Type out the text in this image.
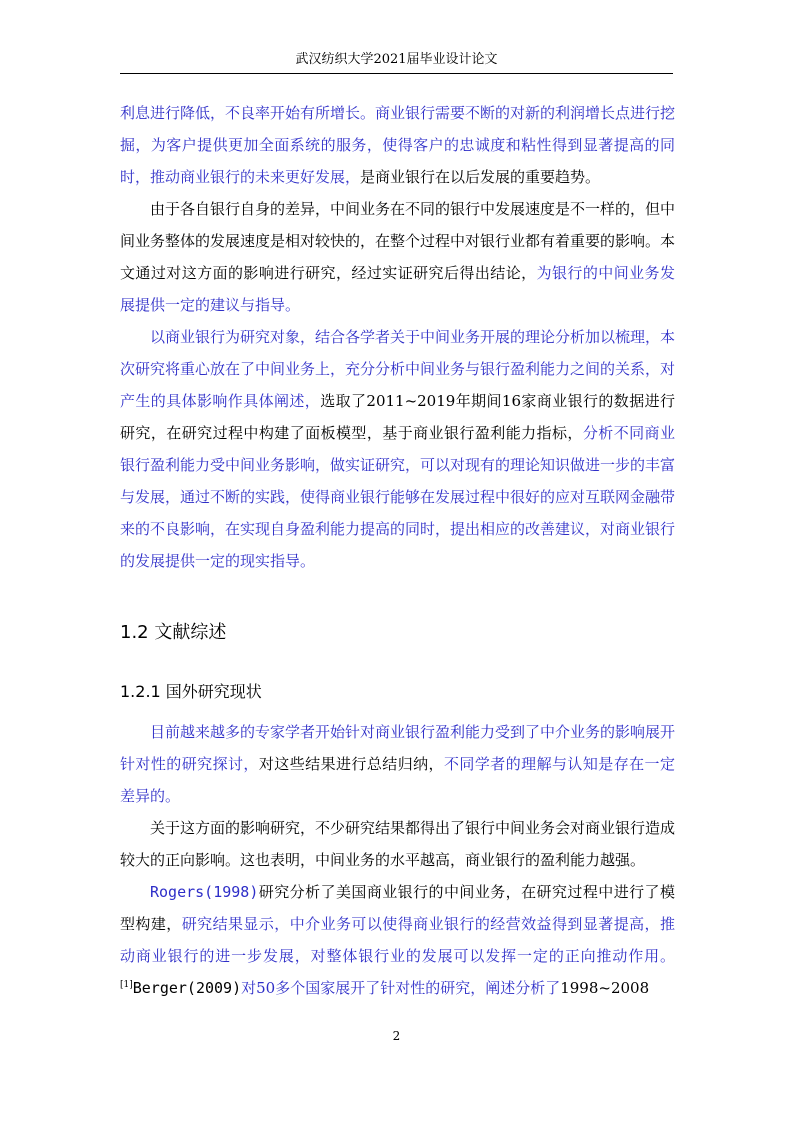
武汉纺织大学2021届毕业设计论文

利息进行降低，不良率开始有所增长。商业银行需要不断的对新的利润增长点进行挖掘，为客户提供更加全面系统的服务，使得客户的忠诚度和粘性得到显著提高的同时，推动商业银行的未来更好发展，是商业银行在以后发展的重要趋势。

由于各自银行自身的差异，中间业务在不同的银行中发展速度是不一样的，但中间业务整体的发展速度是相对较快的，在整个过程中对银行业都有着重要的影响。本文通过对这方面的影响进行研究，经过实证研究后得出结论，为银行的中间业务发展提供一定的建议与指导。

以商业银行为研究对象，结合各学者关于中间业务开展的理论分析加以梳理，本次研究将重心放在了中间业务上，充分分析中间业务与银行盈利能力之间的关系，对产生的具体影响作具体阐述，选取了2011~2019年期间16家商业银行的数据进行研究，在研究过程中构建了面板模型，基于商业银行盈利能力指标，分析不同商业银行盈利能力受中间业务影响，做实证研究，可以对现有的理论知识做进一步的丰富与发展，通过不断的实践，使得商业银行能够在发展过程中很好的应对互联网金融带来的不良影响，在实现自身盈利能力提高的同时，提出相应的改善建议，对商业银行的发展提供一定的现实指导。

1.2 文献综述
1.2.1 国外研究现状

目前越来越多的专家学者开始针对商业银行盈利能力受到了中介业务的影响展开针对性的研究探讨，对这些结果进行总结归纳，不同学者的理解与认知是存在一定差异的。

关于这方面的影响研究，不少研究结果都得出了银行中间业务会对商业银行造成较大的正向影响。这也表明，中间业务的水平越高，商业银行的盈利能力越强。

Rogers(1998)研究分析了美国商业银行的中间业务，在研究过程中进行了模型构建，研究结果显示，中介业务可以使得商业银行的经营效益得到显著提高，推动商业银行的进一步发展，对整体银行业的发展可以发挥一定的正向推动作用。[1]Berger(2009)对50多个国家展开了针对性的研究，阐述分析了1998~2008

2
